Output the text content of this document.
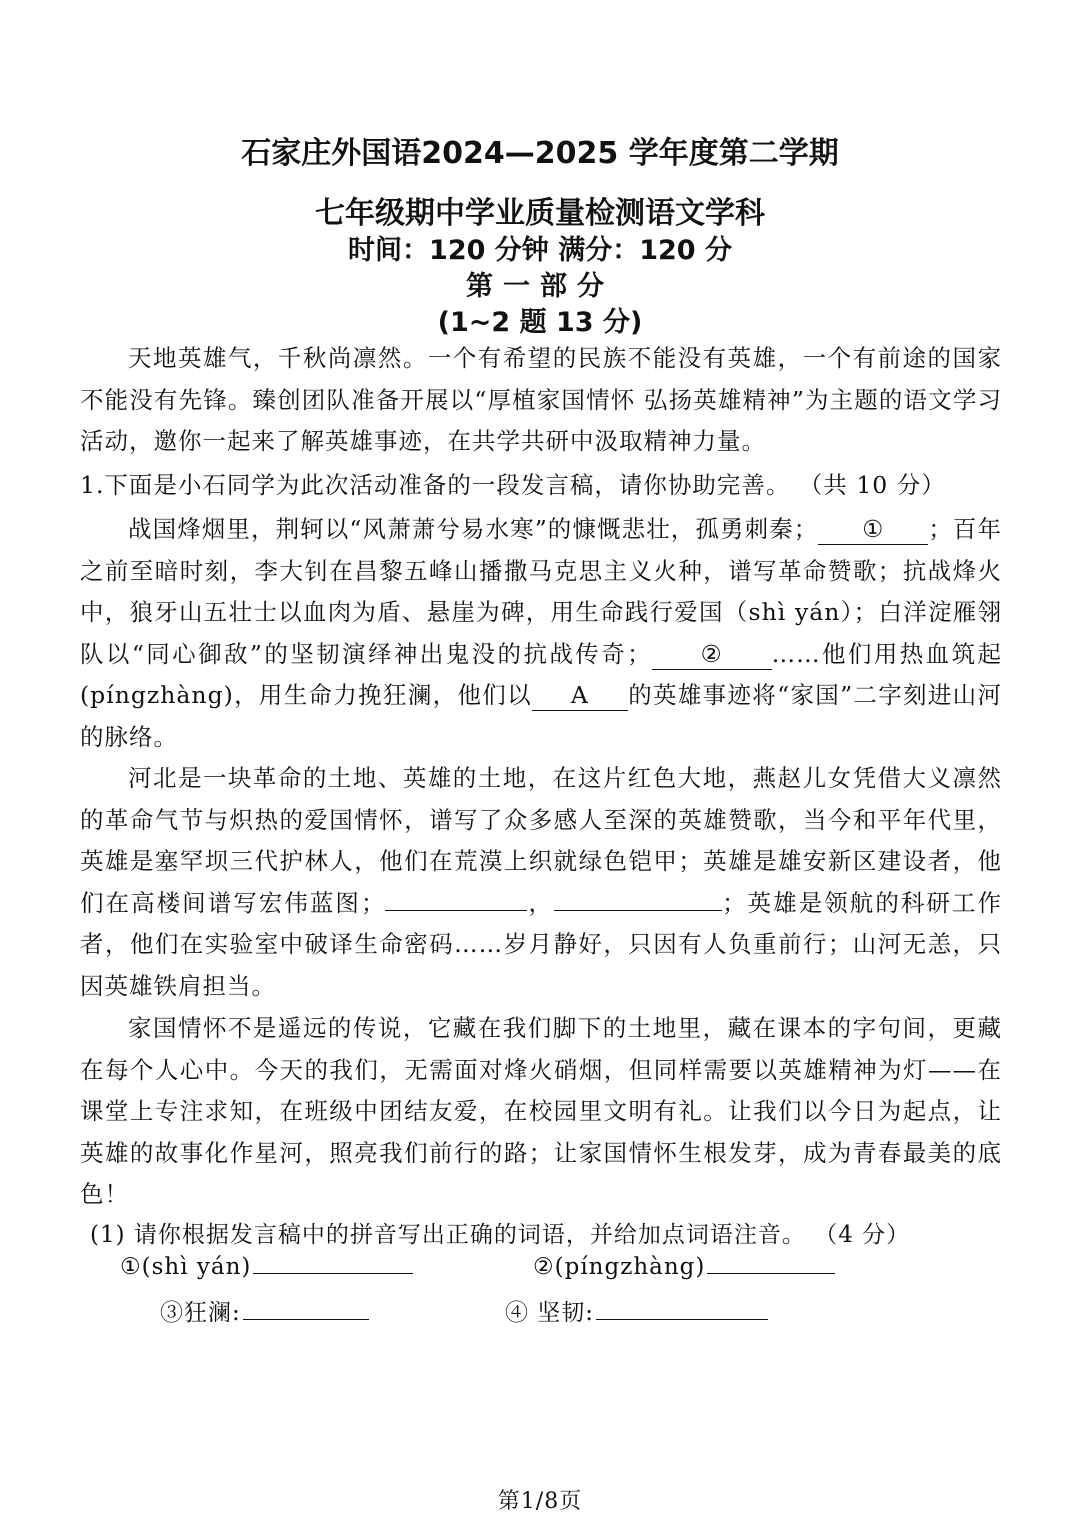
石家庄外国语2024—2025 学年度第二学期
七年级期中学业质量检测语文学科
时间：120 分钟 满分：120 分
第一部分
(1~2 题 13 分)
天地英雄气，千秋尚凛然。一个有希望的民族不能没有英雄，一个有前途的国家不能没有先锋。臻创团队准备开展以“厚植家国情怀 弘扬英雄精神”为主题的语文学习活动，邀你一起来了解英雄事迹，在共学共研中汲取精神力量。
1.下面是小石同学为此次活动准备的一段发言稿，请你协助完善。 （共 10 分）
战国烽烟里，荆轲以“风萧萧兮易水寒”的慷慨悲壮，孤勇刺秦； ① ；百年之前至暗时刻，李大钊在昌黎五峰山播撒马克思主义火种，谱写革命赞歌；抗战烽火中，狼牙山五壮士以血肉为盾、悬崖为碑，用生命践行爱国（shì yán）；白洋淀雁翎队以“同心御敌”的坚韧演绎神出鬼没的抗战传奇； ② ……他们用热血筑起(píngzhàng)，用生命力挽狂澜，他们以 A 的英雄事迹将“家国”二字刻进山河的脉络。
河北是一块革命的土地、英雄的土地，在这片红色大地，燕赵儿女凭借大义凛然的革命气节与炽热的爱国情怀，谱写了众多感人至深的英雄赞歌，当今和平年代里，英雄是塞罕坝三代护林人，他们在荒漠上织就绿色铠甲；英雄是雄安新区建设者，他们在高楼间谱写宏伟蓝图；	，	；英雄是领航的科研工作者，他们在实验室中破译生命密码……岁月静好，只因有人负重前行；山河无恙，只因英雄铁肩担当。
家国情怀不是遥远的传说，它藏在我们脚下的土地里，藏在课本的字句间，更藏在每个人心中。今天的我们，无需面对烽火硝烟，但同样需要以英雄精神为灯——在课堂上专注求知，在班级中团结友爱，在校园里文明有礼。让我们以今日为起点，让英雄的故事化作星河，照亮我们前行的路；让家国情怀生根发芽，成为青春最美的底色！
(1) 请你根据发言稿中的拼音写出正确的词语，并给加点词语注音。 （4 分）
①(shì yán)	②(píngzhàng)
③狂澜:	④ 坚韧:
第1/8页
